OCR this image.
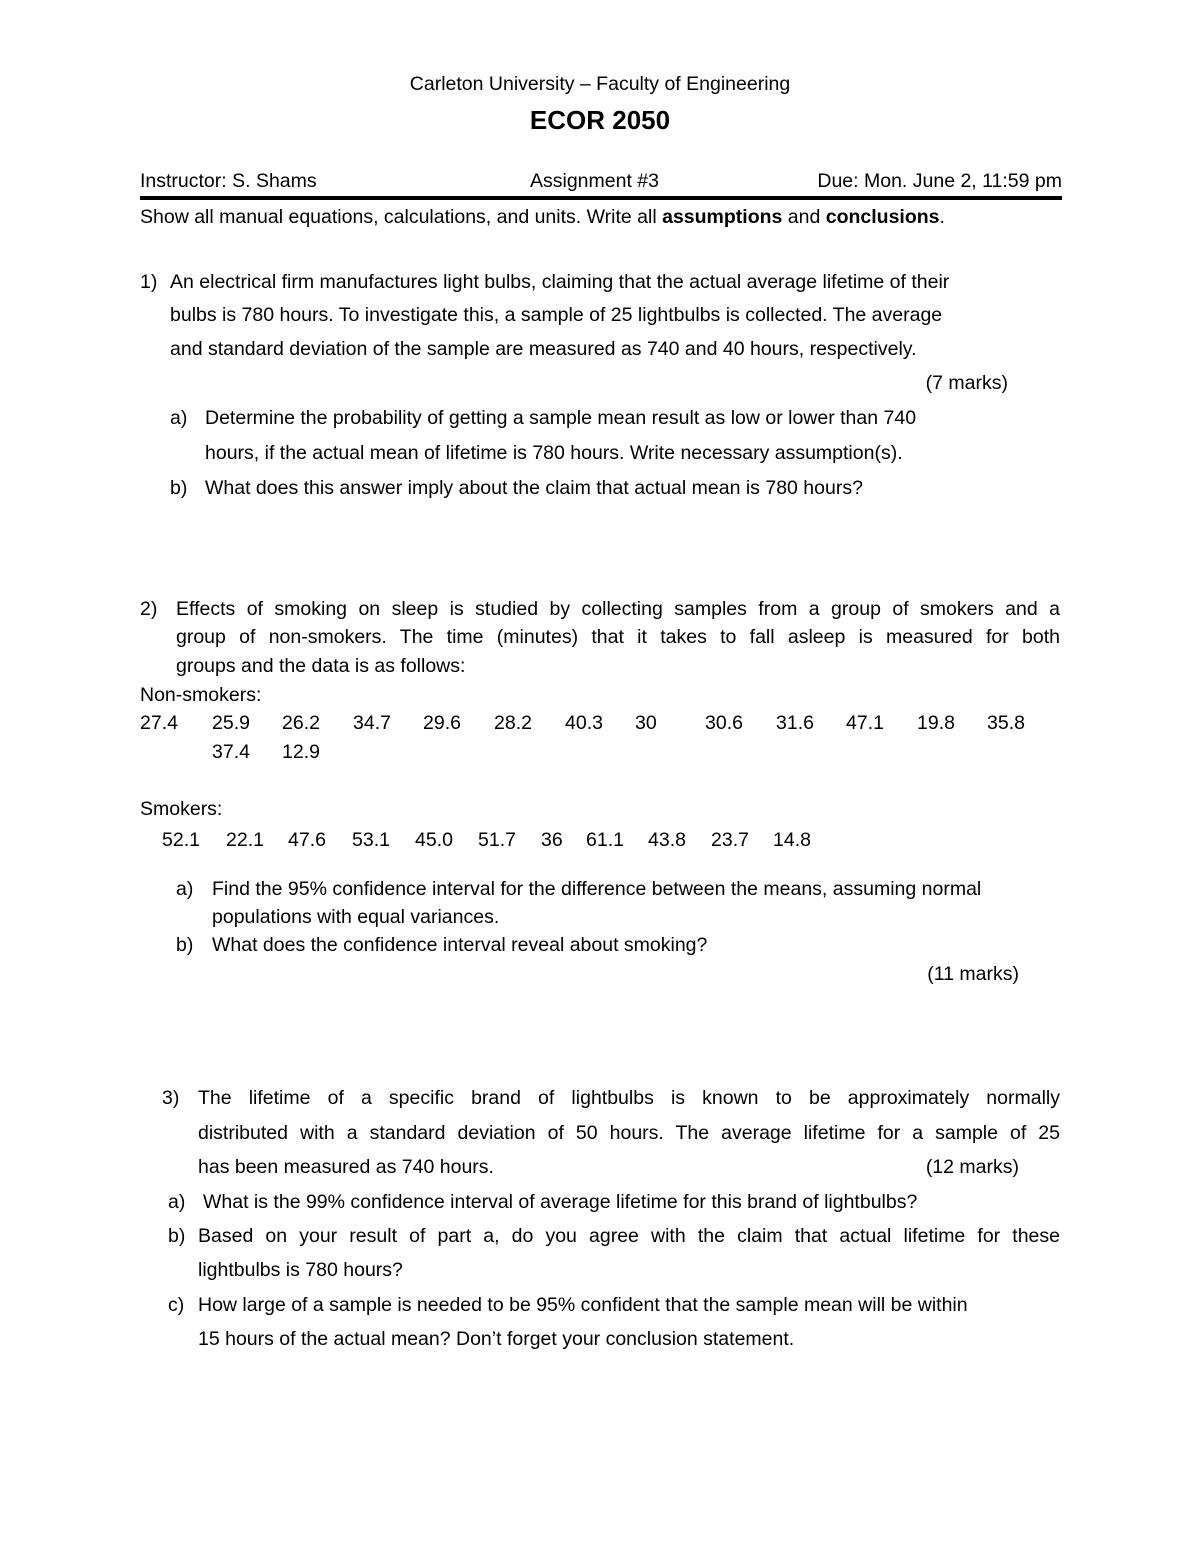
Carleton University – Faculty of Engineering
ECOR 2050
Instructor: S. Shams	Assignment #3	Due: Mon. June 2, 11:59 pm
Show all manual equations, calculations, and units. Write all assumptions and conclusions.
1) An electrical firm manufactures light bulbs, claiming that the actual average lifetime of their
bulbs is 780 hours. To investigate this, a sample of 25 lightbulbs is collected. The average
and standard deviation of the sample are measured as 740 and 40 hours, respectively.
(7 marks)
a) Determine the probability of getting a sample mean result as low or lower than 740
hours, if the actual mean of lifetime is 780 hours. Write necessary assumption(s).
b) What does this answer imply about the claim that actual mean is 780 hours?
2) Effects of smoking on sleep is studied by collecting samples from a group of smokers and a
group of non-smokers. The time (minutes) that it takes to fall asleep is measured for both
groups and the data is as follows:
Non-smokers:
27.4 25.9 26.2 34.7 29.6 28.2 40.3 30 30.6 31.6 47.1 19.8 35.8
37.4 12.9
Smokers:
52.1 22.1 47.6 53.1 45.0 51.7 36 61.1 43.8 23.7 14.8
a) Find the 95% confidence interval for the difference between the means, assuming normal
populations with equal variances.
b) What does the confidence interval reveal about smoking?
(11 marks)
3) The lifetime of a specific brand of lightbulbs is known to be approximately normally
distributed with a standard deviation of 50 hours. The average lifetime for a sample of 25
has been measured as 740 hours.	(12 marks)
a) What is the 99% confidence interval of average lifetime for this brand of lightbulbs?
b) Based on your result of part a, do you agree with the claim that actual lifetime for these
lightbulbs is 780 hours?
c) How large of a sample is needed to be 95% confident that the sample mean will be within
15 hours of the actual mean? Don’t forget your conclusion statement.
